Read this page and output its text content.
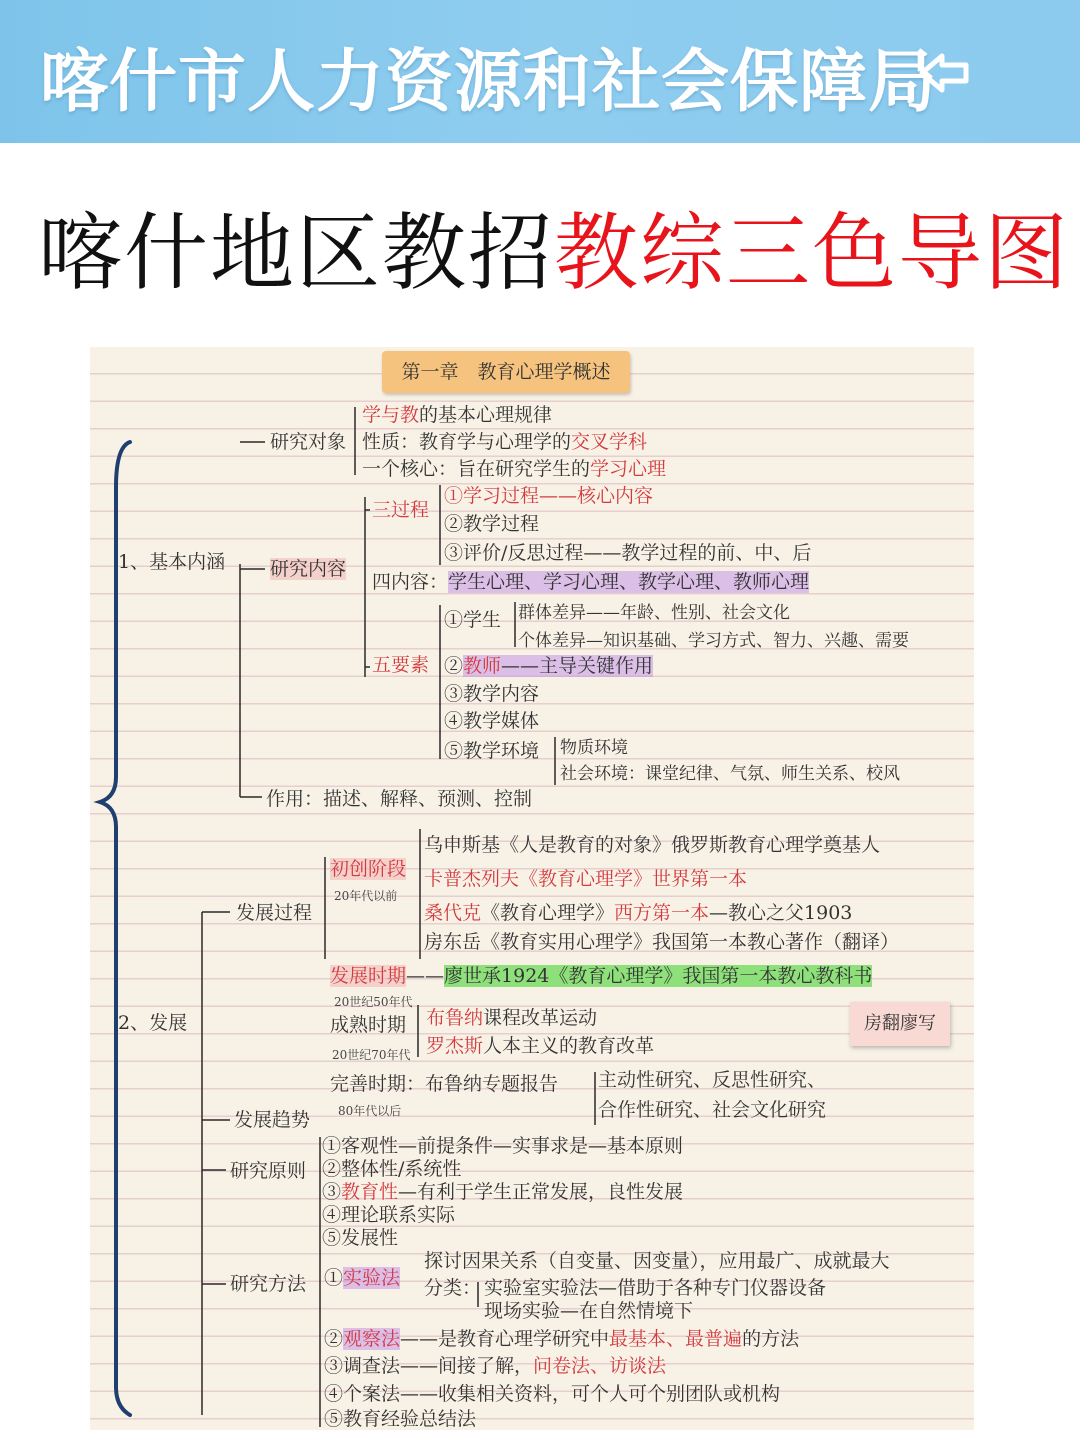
喀什市人力资源和社会保障局
喀什地区教招教综三色导图
第一章　教育心理学概述
1、基本内涵
研究对象
学与教的基本心理规律
性质：教育学与心理学的交叉学科
一个核心：旨在研究学生的学习心理
研究内容
三过程
①学习过程——核心内容
②教学过程
③评价/反思过程——教学过程的前、中、后
四内容：学生心理、学习心理、教学心理、教师心理
五要素
①学生 群体差异——年龄、性别、社会文化
个体差异—知识基础、学习方式、智力、兴趣、需要
②教师——主导关键作用
③教学内容
④教学媒体
⑤教学环境 物质环境
社会环境：课堂纪律、气氛、师生关系、校风
作用：描述、解释、预测、控制
2、发展
发展过程
初创阶段
20年代以前
乌申斯基《人是教育的对象》俄罗斯教育心理学奠基人
卡普杰列夫《教育心理学》世界第一本
桑代克《教育心理学》西方第一本—教心之父1903
房东岳《教育实用心理学》我国第一本教心著作（翻译）
发展时期——廖世承1924《教育心理学》我国第一本教心教科书
20世纪50年代
成熟时期
20世纪70年代
布鲁纳课程改革运动
罗杰斯人本主义的教育改革
完善时期：布鲁纳专题报告
80年代以后
主动性研究、反思性研究、
合作性研究、社会文化研究
房翻廖写
发展趋势
研究原则
①客观性—前提条件—实事求是—基本原则
②整体性/系统性
③教育性—有利于学生正常发展，良性发展
④理论联系实际
⑤发展性
研究方法 ①实验法
探讨因果关系（自变量、因变量），应用最广、成就最大
分类： 实验室实验法—借助于各种专门仪器设备
现场实验—在自然情境下
②观察法——是教育心理学研究中最基本、最普遍的方法
③调查法——间接了解，问卷法、访谈法
④个案法——收集相关资料，可个人可个别团队或机构
⑤教育经验总结法
